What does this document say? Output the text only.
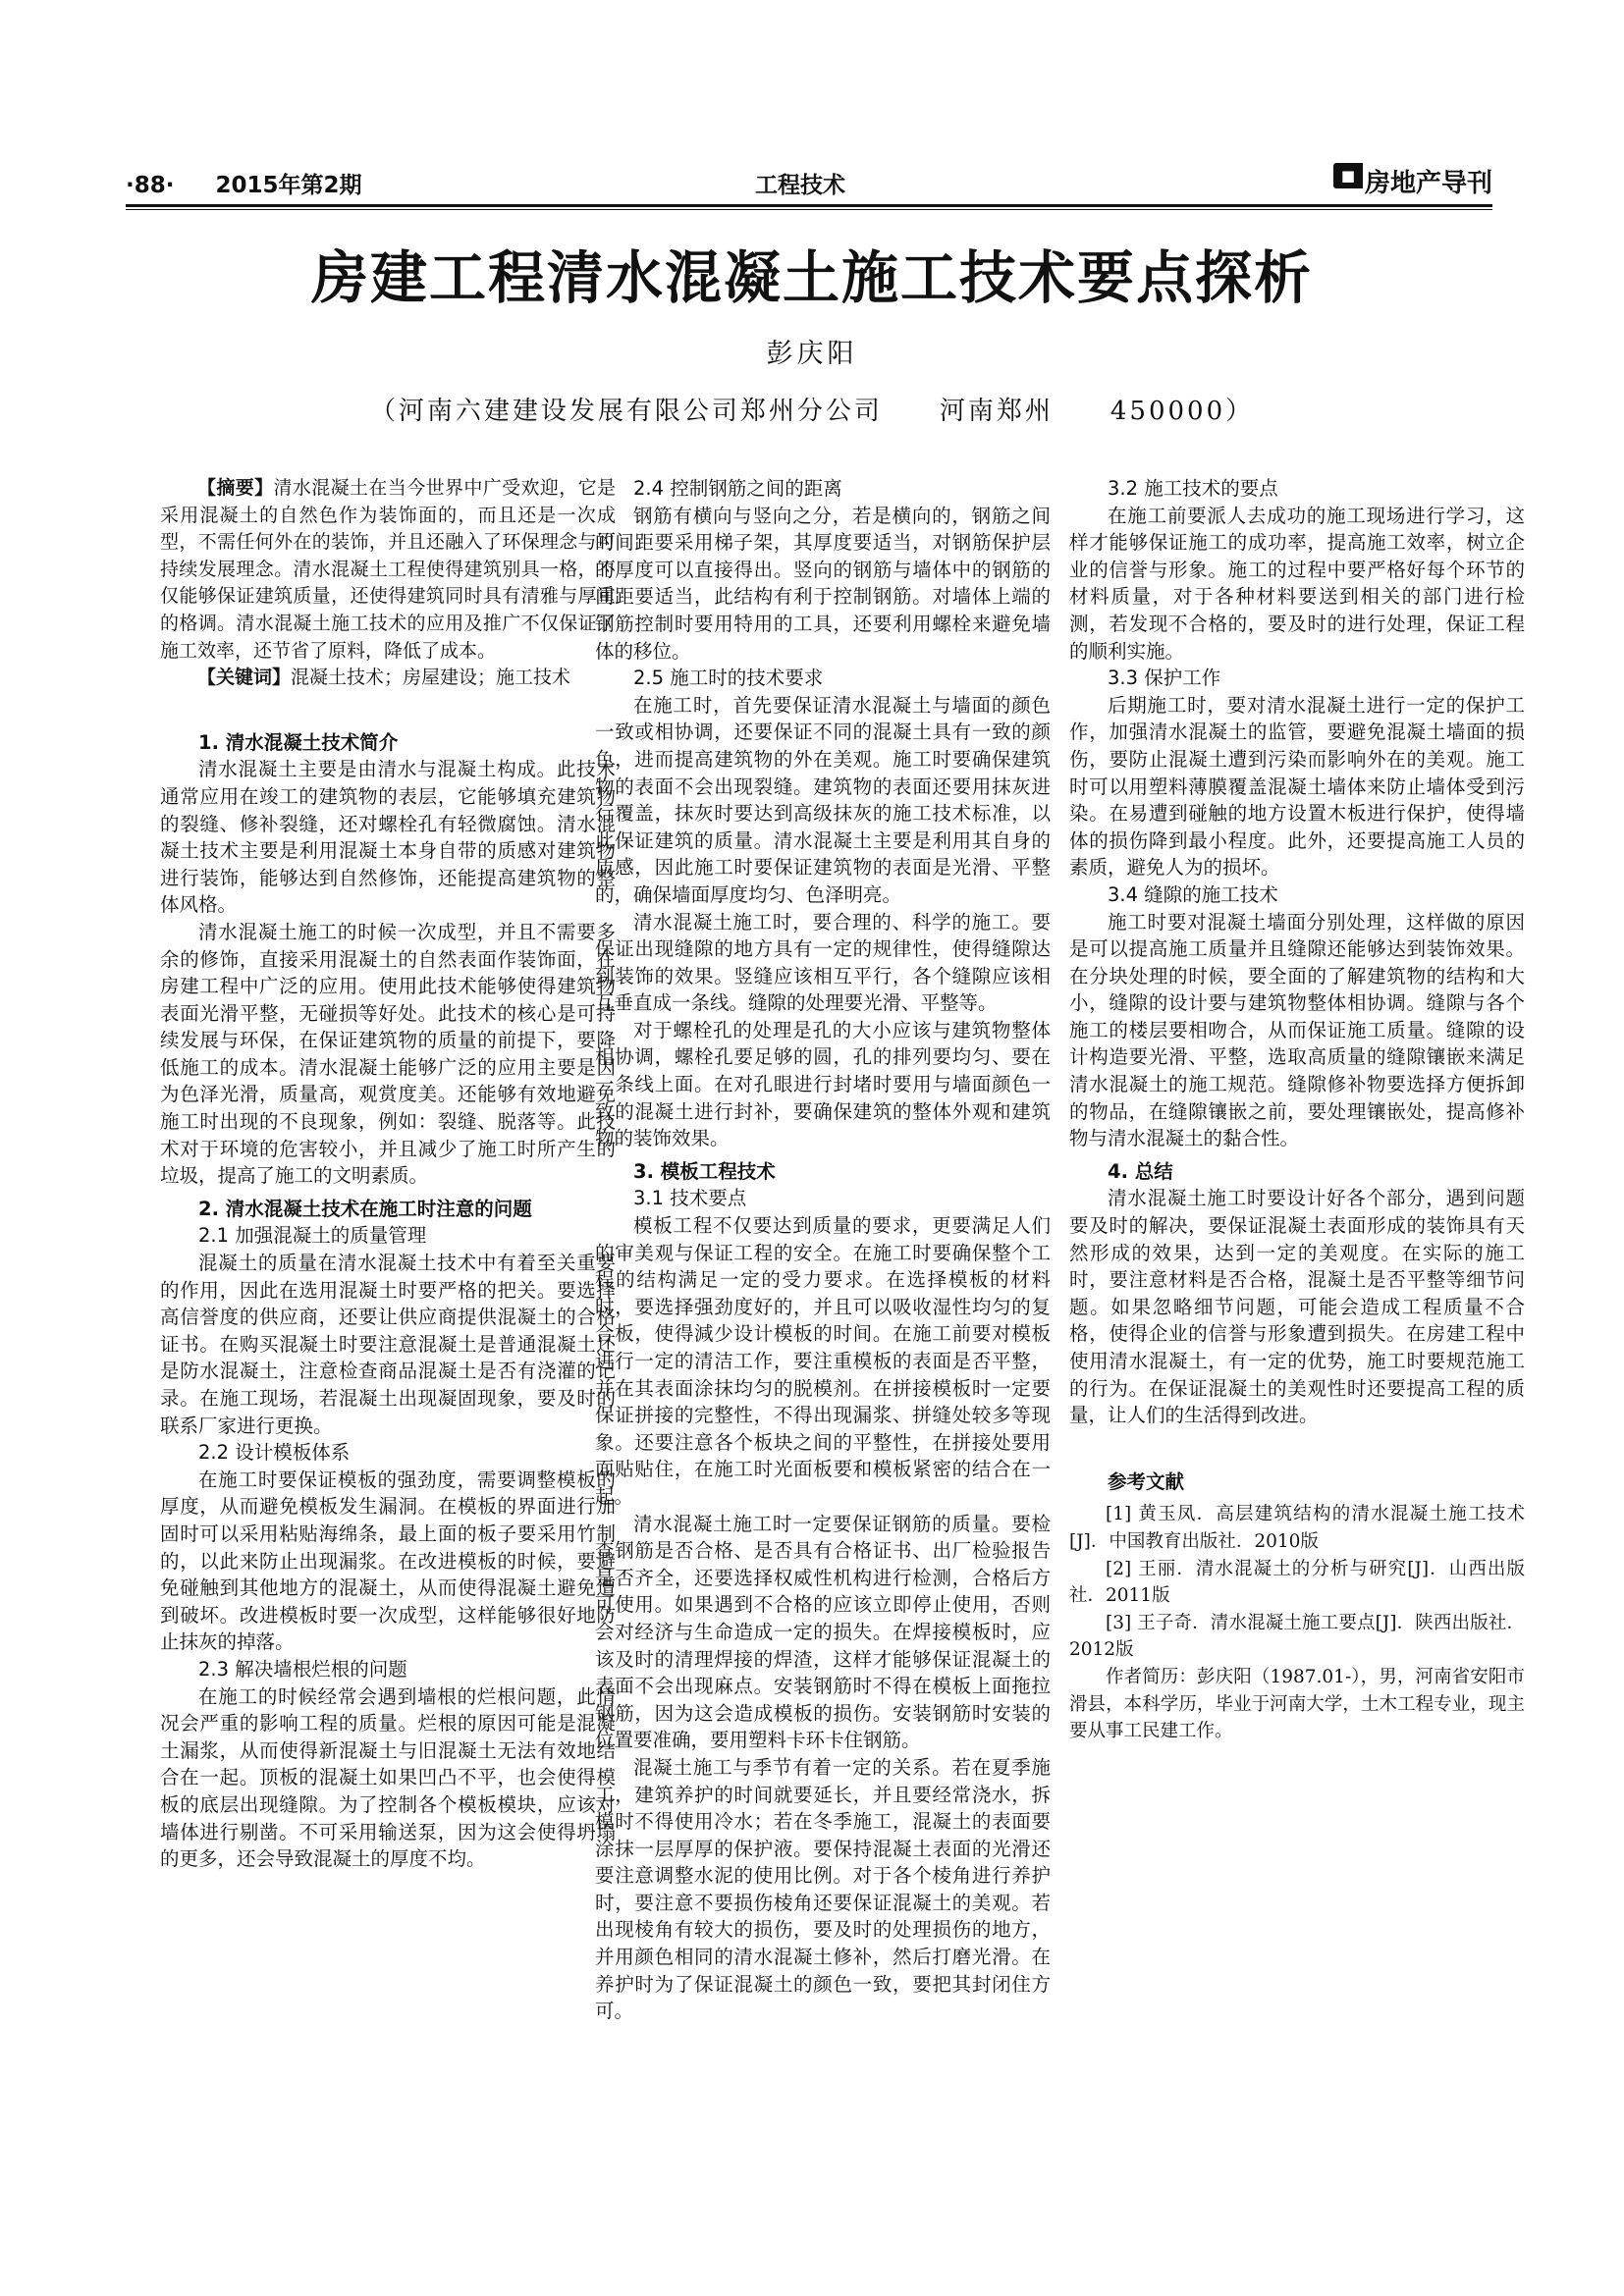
·88· 2015年第2期	工程技术	■ 房地产导刊
房建工程清水混凝土施工技术要点探析
彭庆阳
（河南六建建设发展有限公司郑州分公司　　河南郑州　　450000）

【摘要】清水混凝土在当今世界中广受欢迎，它是采用混凝土的自然色作为装饰面的，而且还是一次成型，不需任何外在的装饰，并且还融入了环保理念与可持续发展理念。清水混凝土工程使得建筑别具一格，不仅能够保证建筑质量，还使得建筑同时具有清雅与厚重的格调。清水混凝土施工技术的应用及推广不仅保证了施工效率，还节省了原料，降低了成本。

【关键词】混凝土技术；房屋建设；施工技术

1. 清水混凝土技术简介

清水混凝土主要是由清水与混凝土构成。此技术通常应用在竣工的建筑物的表层，它能够填充建筑物的裂缝、修补裂缝，还对螺栓孔有轻微腐蚀。清水混凝土技术主要是利用混凝土本身自带的质感对建筑物进行装饰，能够达到自然修饰，还能提高建筑物的整体风格。

清水混凝土施工的时候一次成型，并且不需要多余的修饰，直接采用混凝土的自然表面作装饰面，在房建工程中广泛的应用。使用此技术能够使得建筑物表面光滑平整，无碰损等好处。此技术的核心是可持续发展与环保，在保证建筑物的质量的前提下，要降低施工的成本。清水混凝土能够广泛的应用主要是因为色泽光滑，质量高，观赏度美。还能够有效地避免施工时出现的不良现象，例如：裂缝、脱落等。此技术对于环境的危害较小，并且减少了施工时所产生的垃圾，提高了施工的文明素质。

2. 清水混凝土技术在施工时注意的问题
2.1 加强混凝土的质量管理

混凝土的质量在清水混凝土技术中有着至关重要的作用，因此在选用混凝土时要严格的把关。要选择高信誉度的供应商，还要让供应商提供混凝土的合格证书。在购买混凝土时要注意混凝土是普通混凝土还是防水混凝土，注意检查商品混凝土是否有浇灌的记录。在施工现场，若混凝土出现凝固现象，要及时的联系厂家进行更换。

2.2 设计模板体系

在施工时要保证模板的强劲度，需要调整模板的厚度，从而避免模板发生漏洞。在模板的界面进行加固时可以采用粘贴海绵条，最上面的板子要采用竹制的，以此来防止出现漏浆。在改进模板的时候，要避免碰触到其他地方的混凝土，从而使得混凝土避免遭到破坏。改进模板时要一次成型，这样能够很好地防止抹灰的掉落。

2.3 解决墙根烂根的问题

在施工的时候经常会遇到墙根的烂根问题，此情况会严重的影响工程的质量。烂根的原因可能是混凝土漏浆，从而使得新混凝土与旧混凝土无法有效地结合在一起。顶板的混凝土如果凹凸不平，也会使得模板的底层出现缝隙。为了控制各个模板模块，应该对墙体进行剔凿。不可采用输送泵，因为这会使得坍塌的更多，还会导致混凝土的厚度不均。

2.4 控制钢筋之间的距离

钢筋有横向与竖向之分，若是横向的，钢筋之间的间距要采用梯子架，其厚度要适当，对钢筋保护层的厚度可以直接得出。竖向的钢筋与墙体中的钢筋的间距要适当，此结构有利于控制钢筋。对墙体上端的钢筋控制时要用特用的工具，还要利用螺栓来避免墙体的移位。

2.5 施工时的技术要求

在施工时，首先要保证清水混凝土与墙面的颜色一致或相协调，还要保证不同的混凝土具有一致的颜色，进而提高建筑物的外在美观。施工时要确保建筑物的表面不会出现裂缝。建筑物的表面还要用抹灰进行覆盖，抹灰时要达到高级抹灰的施工技术标准，以此保证建筑的质量。清水混凝土主要是利用其自身的质感，因此施工时要保证建筑物的表面是光滑、平整的，确保墙面厚度均匀、色泽明亮。

清水混凝土施工时，要合理的、科学的施工。要保证出现缝隙的地方具有一定的规律性，使得缝隙达到装饰的效果。竖缝应该相互平行，各个缝隙应该相互垂直成一条线。缝隙的处理要光滑、平整等。

对于螺栓孔的处理是孔的大小应该与建筑物整体相协调，螺栓孔要足够的圆，孔的排列要均匀、要在一条线上面。在对孔眼进行封堵时要用与墙面颜色一致的混凝土进行封补，要确保建筑的整体外观和建筑物的装饰效果。

3. 模板工程技术
3.1 技术要点

模板工程不仅要达到质量的要求，更要满足人们的审美观与保证工程的安全。在施工时要确保整个工程的结构满足一定的受力要求。在选择模板的材料时，要选择强劲度好的，并且可以吸收湿性均匀的复合板，使得減少设计模板的时间。在施工前要对模板进行一定的清洁工作，要注重模板的表面是否平整，并在其表面涂抹均匀的脱模剂。在拼接模板时一定要保证拼接的完整性，不得出现漏浆、拼缝处较多等现象。还要注意各个板块之间的平整性，在拼接处要用面贴贴住，在施工时光面板要和模板紧密的结合在一起。

清水混凝土施工时一定要保证钢筋的质量。要检查钢筋是否合格、是否具有合格证书、出厂检验报告是否齐全，还要选择权威性机构进行检测，合格后方可使用。如果遇到不合格的应该立即停止使用，否则会对经济与生命造成一定的损失。在焊接模板时，应该及时的清理焊接的焊渣，这样才能够保证混凝土的表面不会出现麻点。安装钢筋时不得在模板上面拖拉钢筋，因为这会造成模板的损伤。安装钢筋时安装的位置要准确，要用塑料卡环卡住钢筋。

混凝土施工与季节有着一定的关系。若在夏季施工，建筑养护的时间就要延长，并且要经常浇水，拆模时不得使用冷水；若在冬季施工，混凝土的表面要涂抹一层厚厚的保护液。要保持混凝土表面的光滑还要注意调整水泥的使用比例。对于各个棱角进行养护时，要注意不要损伤棱角还要保证混凝土的美观。若出现棱角有较大的损伤，要及时的处理损伤的地方，并用颜色相同的清水混凝土修补，然后打磨光滑。在养护时为了保证混凝土的颜色一致，要把其封闭住方可。

3.2 施工技术的要点

在施工前要派人去成功的施工现场进行学习，这样才能够保证施工的成功率，提高施工效率，树立企业的信誉与形象。施工的过程中要严格好每个环节的材料质量，对于各种材料要送到相关的部门进行检测，若发现不合格的，要及时的进行处理，保证工程的顺利实施。

3.3 保护工作

后期施工时，要对清水混凝土进行一定的保护工作，加强清水混凝土的监管，要避免混凝土墙面的损伤，要防止混凝土遭到污染而影响外在的美观。施工时可以用塑料薄膜覆盖混凝土墙体来防止墙体受到污染。在易遭到碰触的地方设置木板进行保护，使得墙体的损伤降到最小程度。此外，还要提高施工人员的素质，避免人为的损坏。

3.4 缝隙的施工技术

施工时要对混凝土墙面分别处理，这样做的原因是可以提高施工质量并且缝隙还能够达到装饰效果。在分块处理的时候，要全面的了解建筑物的结构和大小，缝隙的设计要与建筑物整体相协调。缝隙与各个施工的楼层要相吻合，从而保证施工质量。缝隙的设计构造要光滑、平整，选取高质量的缝隙镶嵌来满足清水混凝土的施工规范。缝隙修补物要选择方便拆卸的物品，在缝隙镶嵌之前，要处理镶嵌处，提高修补物与清水混凝土的黏合性。

4. 总结

清水混凝土施工时要设计好各个部分，遇到问题要及时的解决，要保证混凝土表面形成的装饰具有天然形成的效果，达到一定的美观度。在实际的施工时，要注意材料是否合格，混凝土是否平整等细节问题。如果忽略细节问题，可能会造成工程质量不合格，使得企业的信誉与形象遭到损失。在房建工程中使用清水混凝土，有一定的优势，施工时要规范施工的行为。在保证混凝土的美观性时还要提高工程的质量，让人们的生活得到改进。

参考文献

[1] 黄玉凤．高层建筑结构的清水混凝土施工技术[J]．中国教育出版社．2010版

[2] 王丽．清水混凝土的分析与研究[J]．山西出版社．2011版

[3] 王子奇．清水混凝土施工要点[J]．陕西出版社．2012版

作者简历：彭庆阳（1987.01-），男，河南省安阳市滑县，本科学历，毕业于河南大学，土木工程专业，现主要从事工民建工作。
